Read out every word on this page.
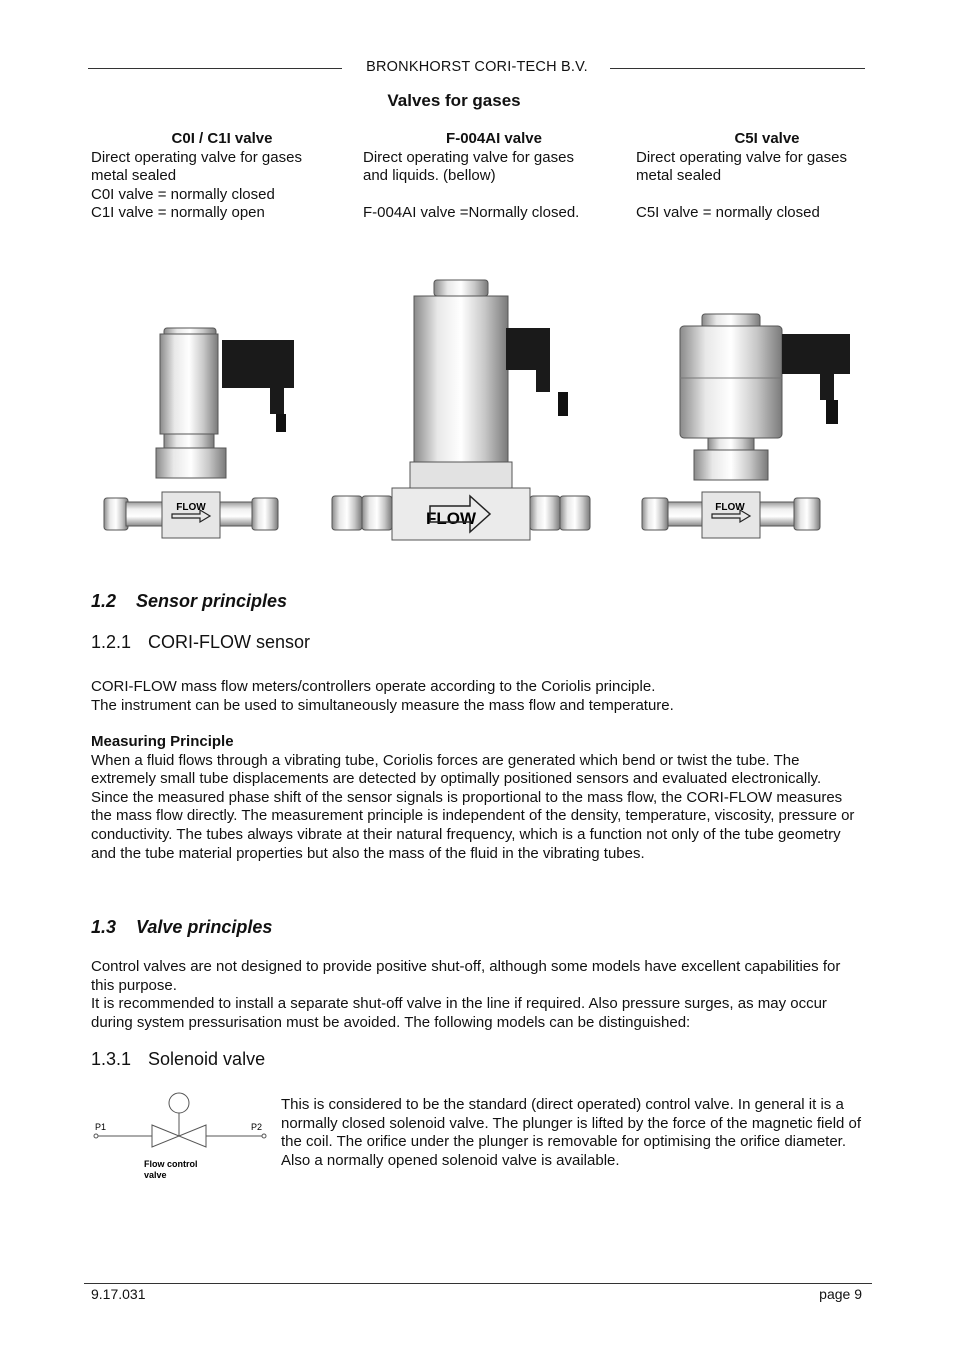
BRONKHORST CORI-TECH B.V.
Valves for gases
C0I / C1I valve
Direct operating valve for gases
metal sealed
C0I valve = normally closed
C1I valve = normally open
F-004AI valve
Direct operating valve for gases
and liquids. (bellow)
F-004AI valve =Normally closed.
C5I valve
Direct operating valve for gases
metal sealed
C5I valve = normally closed
FLOW
FLOW
FLOW
1.2 Sensor principles
1.2.1 CORI-FLOW sensor
CORI-FLOW mass flow meters/controllers operate according to the Coriolis principle.
The instrument can be used to simultaneously measure the mass flow and temperature.
Measuring Principle
When a fluid flows through a vibrating tube, Coriolis forces are generated which bend or twist the tube. The extremely small tube displacements are detected by optimally positioned sensors and evaluated electronically.
Since the measured phase shift of the sensor signals is proportional to the mass flow, the CORI-FLOW measures the mass flow directly. The measurement principle is independent of the density, temperature, viscosity, pressure or conductivity. The tubes always vibrate at their natural frequency, which is a function not only of the tube geometry and the tube material properties but also the mass of the fluid in the vibrating tubes.
1.3 Valve principles
Control valves are not designed to provide positive shut-off, although some models have excellent capabilities for this purpose.
It is recommended to install a separate shut-off valve in the line if required. Also pressure surges, as may occur during system pressurisation must be avoided. The following models can be distinguished:
1.3.1 Solenoid valve
P1	P2
Flow control
valve
This is considered to be the standard (direct operated) control valve. In general it is a normally closed solenoid valve. The plunger is lifted by the force of the magnetic field of the coil. The orifice under the plunger is removable for optimising the orifice diameter. Also a normally opened solenoid valve is available.
9.17.031	page 9
